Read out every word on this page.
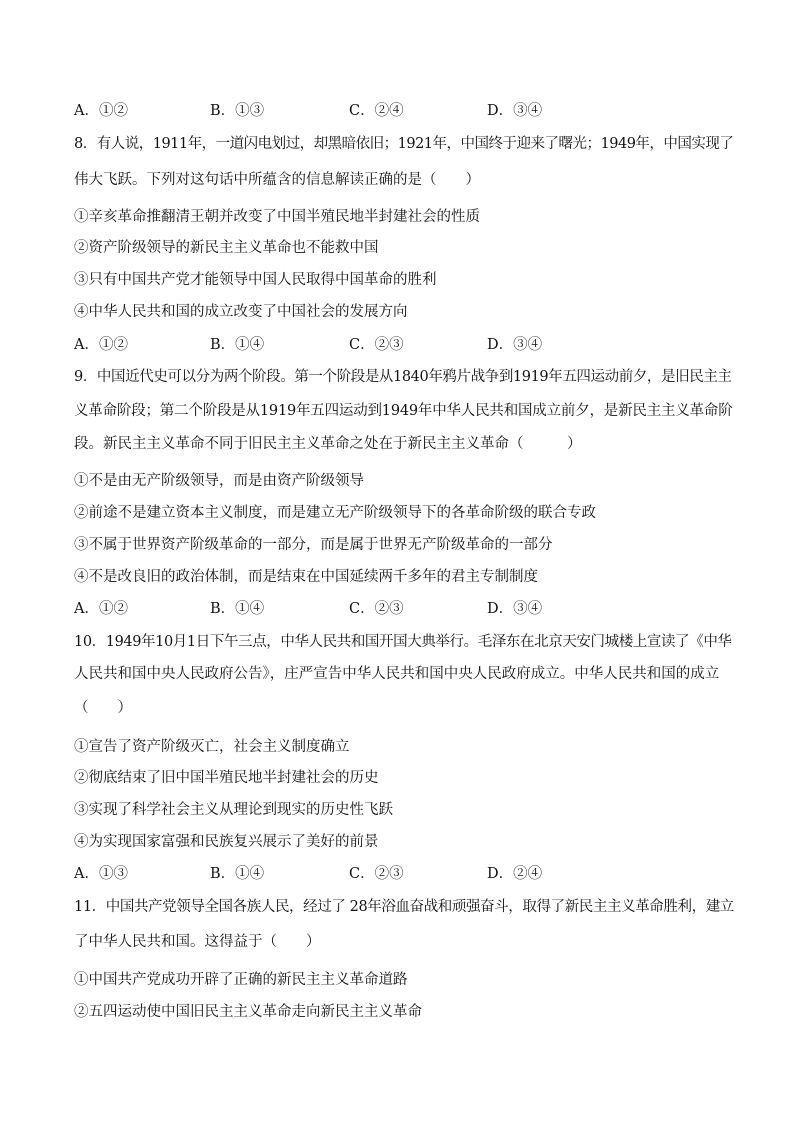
A．①②	B．①③	C．②④	D．③④
8．有人说，1911年，一道闪电划过，却黑暗依旧；1921年，中国终于迎来了曙光；1949年，中国实现了
伟大飞跃。下列对这句话中所蕴含的信息解读正确的是（　　）
①辛亥革命推翻清王朝并改变了中国半殖民地半封建社会的性质
②资产阶级领导的新民主主义革命也不能救中国
③只有中国共产党才能领导中国人民取得中国革命的胜利
④中华人民共和国的成立改变了中国社会的发展方向
A．①②	B．①④	C．②③	D．③④
9．中国近代史可以分为两个阶段。第一个阶段是从1840年鸦片战争到1919年五四运动前夕，是旧民主主
义革命阶段；第二个阶段是从1919年五四运动到1949年中华人民共和国成立前夕，是新民主主义革命阶
段。新民主主义革命不同于旧民主主义革命之处在于新民主主义革命（　　　）
①不是由无产阶级领导，而是由资产阶级领导
②前途不是建立资本主义制度，而是建立无产阶级领导下的各革命阶级的联合专政
③不属于世界资产阶级革命的一部分，而是属于世界无产阶级革命的一部分
④不是改良旧的政治体制，而是结束在中国延续两千多年的君主专制制度
A．①②	B．①④	C．②③	D．③④
10．1949年10月1日下午三点，中华人民共和国开国大典举行。毛泽东在北京天安门城楼上宣读了《中华
人民共和国中央人民政府公告》，庄严宣告中华人民共和国中央人民政府成立。中华人民共和国的成立
（　　）
①宣告了资产阶级灭亡，社会主义制度确立
②彻底结束了旧中国半殖民地半封建社会的历史
③实现了科学社会主义从理论到现实的历史性飞跃
④为实现国家富强和民族复兴展示了美好的前景
A．①③	B．①④	C．②③	D．②④
11．中国共产党领导全国各族人民，经过了 28年浴血奋战和顽强奋斗，取得了新民主主义革命胜利，建立
了中华人民共和国。这得益于（　　）
①中国共产党成功开辟了正确的新民主主义革命道路
②五四运动使中国旧民主主义革命走向新民主主义革命
